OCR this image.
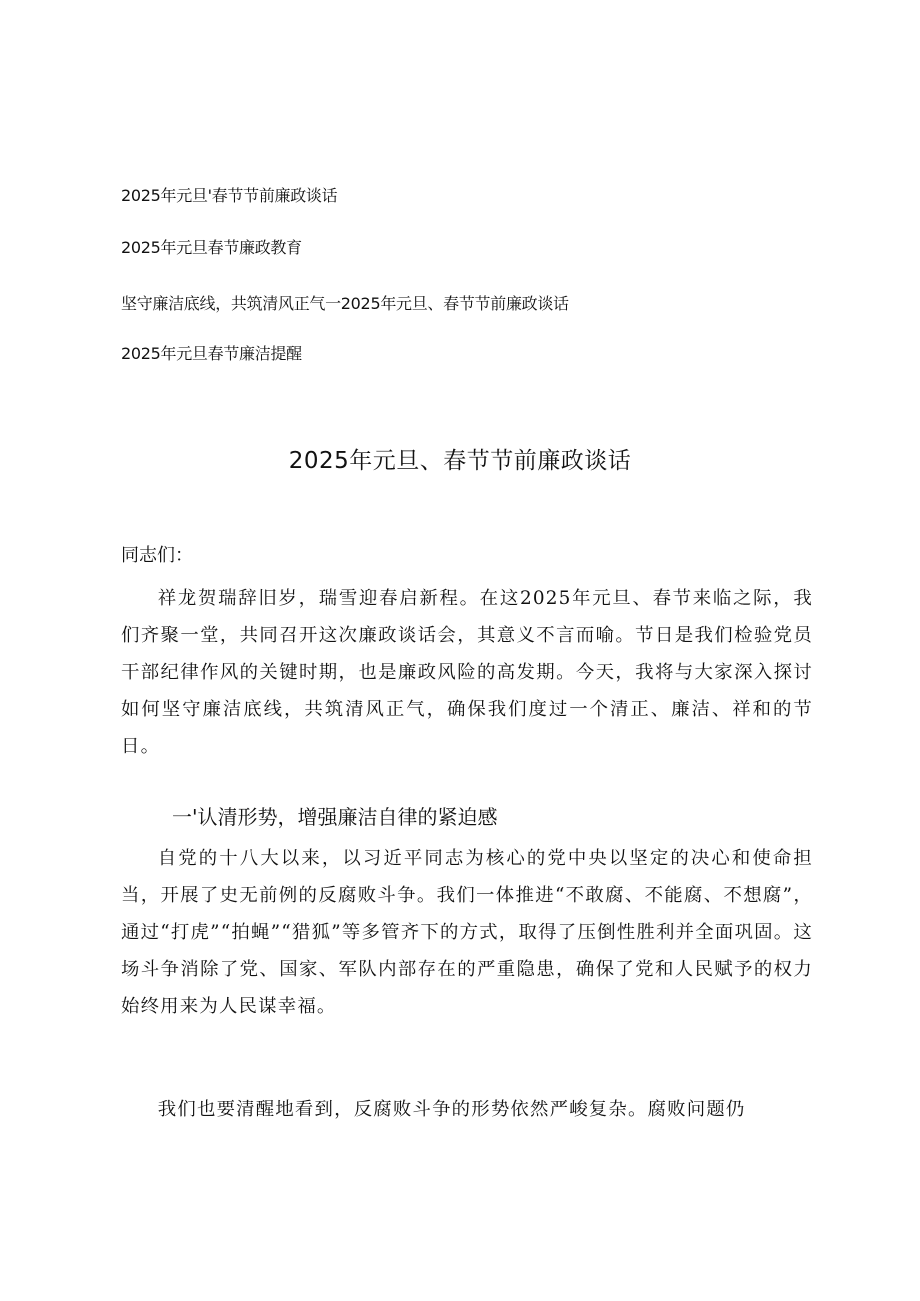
2025年元旦'春节节前廉政谈话
2025年元旦春节廉政教育
坚守廉洁底线，共筑清风正气一2025年元旦、春节节前廉政谈话
2025年元旦春节廉洁提醒
2025年元旦、春节节前廉政谈话
同志们：

祥龙贺瑞辞旧岁，瑞雪迎春启新程。在这2025年元旦、春节来临之际，我们齐聚一堂，共同召开这次廉政谈话会，其意义不言而喻。节日是我们检验党员干部纪律作风的关键时期，也是廉政风险的高发期。今天，我将与大家深入探讨如何坚守廉洁底线，共筑清风正气，确保我们度过一个清正、廉洁、祥和的节日。

一'认清形势，增强廉洁自律的紧迫感

自党的十八大以来，以习近平同志为核心的党中央以坚定的决心和使命担当，开展了史无前例的反腐败斗争。我们一体推进“不敢腐、不能腐、不想腐”，通过“打虎”“拍蝇”“猎狐”等多管齐下的方式，取得了压倒性胜利并全面巩固。这场斗争消除了党、国家、军队内部存在的严重隐患，确保了党和人民赋予的权力始终用来为人民谋幸福。

我们也要清醒地看到，反腐败斗争的形势依然严峻复杂。腐败问题仍
